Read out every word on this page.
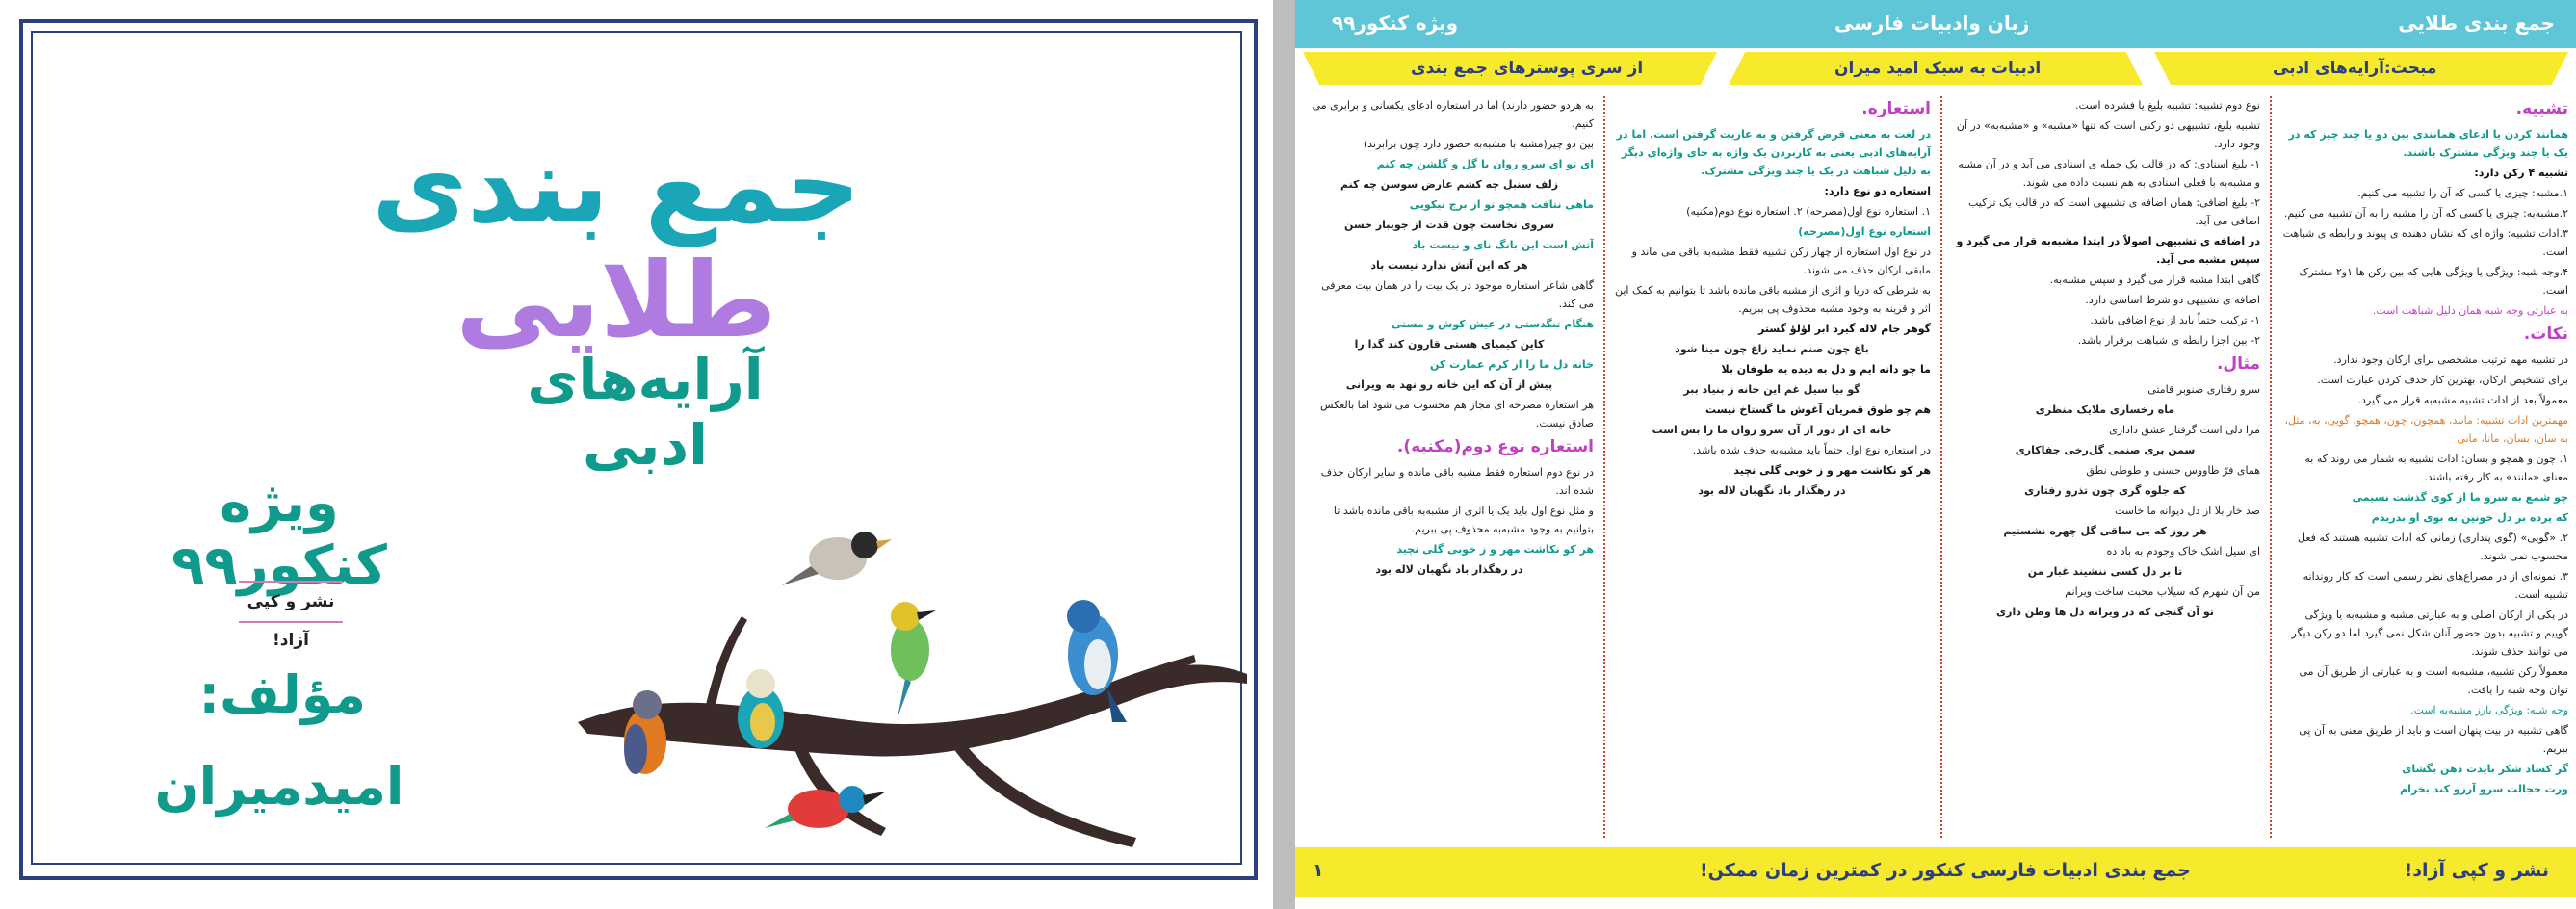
جمع بندی طلایی
آرایه‌های ادبی
ویژه کنکور۹۹
نشر و کپی آزاد!
مؤلف:
امیدمیران
ویژه کنکور۹۹	زبان وادبیات فارسی	جمع بندی طلایی
از سری پوسترهای جمع بندی	ادبیات به سبک امید میران	مبحث:آرایه‌های ادبی

تشبیه.

همانند کردن یا ادعای همانندی بین دو یا چند چیز که در یک یا چند ویژگی مشترک باشند.

تشبیه ۴ رکن دارد:

۱.مشبه: چیزی یا کسی که آن را تشبیه می کنیم.

۲.مشبه‌به: چیزی یا کسی که آن را مشبه را به آن تشبیه می کنیم.

۳.ادات تشبیه: واژه ای که نشان دهنده ی پیوند و رابطه ی شباهت است.

۴.وجه شبه: ویژگی یا ویژگی هایی که بین رکن ها ۱و۲ مشترک است.

به عبارتی وجه شبه همان دلیل شباهت است.

نکات.

در تشبیه مهم ترتیب مشخصی برای ارکان وجود ندارد.

برای تشخیص ارکان، بهترین کار حذف کردن عبارت است.

معمولاً بعد از ادات تشبیه مشبه‌به قرار می گیرد.

مهمترین ادات تشبیه: مانند، همچون، چون، همچو، گویی، به، مثل، به سان، بسان، مانا، مانی

۱. چون و همچو و بسان: ادات تشبیه به شمار می روند که به معنای «مانند» به کار رفته باشند.

چو شمع به سرو ما از کوی گذشت نسیمی

که پرده بر دل خونین به بوی او بدریدم

۲. «گویی» (گوی پنداری) زمانی که ادات تشبیه هستند که فعل محسوب نمی شوند.

۳. نمونه‌ای از در مصراع‌های نظر رسمی است که کار روندانه تشبیه است.

در یکی از ارکان اصلی و به عبارتی مشبه و مشبه‌به یا ویژگی گوییم و تشبیه بدون حضور آنان شکل نمی گیرد اما دو رکن دیگر می توانند حذف شوند.

معمولاً رکن تشبیه، مشبه‌به است و به عبارتی از طریق آن می توان وجه شبه را یافت.

وجه شبه: ویژگی بارز مشبه‌به است.

گاهی تشبیه در بیت پنهان است و باید از طریق معنی به آن پی ببریم.

گر کساد شکر بایدت دهن بگشای

ورت خجالت سرو آرزو کند بخرام

نوع دوم تشبیه: تشبیه بلیغ یا فشرده است.

تشبیه بلیغ، تشبیهی دو رکنی است که تنها «مشبه» و «مشبه‌به» در آن وجود دارد.

۱- بلیغ اسنادی: که در قالب یک جمله ی اسنادی می آید و در آن مشبه و مشبه‌به با فعلی اسنادی به هم نسبت داده می شوند.

۲- بلیغ اضافی: همان اضافه ی تشبیهی است که در قالب یک ترکیب اضافی می آید.

در اضافه ی تشبیهی اصولاً در ابتدا مشبه‌به قرار می گیرد و سپس مشبه می آید.

گاهی ابتدا مشبه قرار می گیرد و سپس مشبه‌به.

اضافه ی تشبیهی دو شرط اساسی دارد.

۱- ترکیب حتماً باید از نوع اضافی باشد.

۲- بین اجزا رابطه ی شباهت برقرار باشد.

مثال.

سرو رفتاری صنوبر قامتی

ماه رخساری ملایک منظری

مرا دلی است گرفتار عشق داداری

سمن بری صنمی گل‌رخی جفاکاری

همای فرّ طاووس حسنی و طوطی نطق

که جلوه گری چون تذرو رفتاری

صد خار بلا از دل دیوانه ما خاست

هر روز که بی ساقی گل چهره نشستیم

ای سیل اشک خاک وجودم به باد ده

تا بر دل کسی ننشیند غبار من

من آن شهرم که سیلاب محبت ساخت ویرانم

تو آن گنجی که در ویرانه دل ها وطن داری

استعاره.

در لغت به معنی قرض گرفتن و به عاریت گرفتن است. اما در آرایه‌های ادبی یعنی به کاربردن یک واژه به جای واژه‌ای دیگر به دلیل شباهت در یک یا چند ویژگی مشترک.

استعاره دو نوع دارد:

۱. استعاره نوع اول(مصرحه) ۲. استعاره نوع دوم(مکنیه)

استعاره نوع اول(مصرحه)

در نوع اول استعاره از چهار رکن تشبیه فقط مشبه‌به باقی می ماند و مابقی ارکان حذف می شوند.

به شرطی که دریا و اثری از مشبه باقی مانده باشد تا بتوانیم به کمک این اثر و قرینه به وجود مشبه محذوف پی ببریم.

گوهر جام لاله گیرد ابر لؤلؤ گستر

باغ چون صنم نماید زاغ چون مینا شود

ما چو دانه ایم و دل به دیده به طوفان بلا

گو بیا سیل غم این خانه ز بنیاد ببر

هم چو طوق قمریان آغوش ما گستاخ نیست

خانه ای از دور از آن سرو روان ما را بس است

در استعاره نوع اول حتماً باید مشبه‌به حذف شده باشد.

هر کو نکاشت مهر و ز خوبی گلی نچید

در رهگذار باد نگهبان لاله بود

به هردو حضور دارند) اما در استعاره ادعای یکسانی و برابری می کنیم.

بین دو چیز(مشبه با مشبه‌به حضور دارد چون برابرند)

ای تو ای سرو روان با گل و گلشن چه کنم

زلف سنبل چه کشم عارض سوسن چه کنم

ماهی نتافت همچو تو از برج نیکویی

سروی نخاست چون قدت از جویبار حسن

آتش است این بانگ نای و نیست باد

هر که این آتش ندارد نیست باد

گاهی شاعر استعاره موجود در یک بیت را در همان بیت معرفی می کند.

هنگام تنگدستی در عیش کوش و مستی

کاین کیمیای هستی قارون کند گدا را

خانه دل ما را از کرم عمارت کن

پیش از آن که این خانه رو نهد به ویرانی

هر استعاره مصرحه ای مجاز هم محسوب می شود اما بالعکس صادق نیست.

استعاره نوع دوم(مکنیه).

در نوع دوم استعاره فقط مشبه باقی مانده و سایر ارکان حذف شده اند.

و مثل نوع اول باید یک یا اثری از مشبه‌به باقی مانده باشد تا بتوانیم به وجود مشبه‌به محذوف پی ببریم.

هر کو نکاشت مهر و ز خوبی گلی نچید

در رهگذار باد نگهبان لاله بود

۱	جمع بندی ادبیات فارسی کنکور در کمترین زمان ممکن!	نشر و کپی آزاد!
